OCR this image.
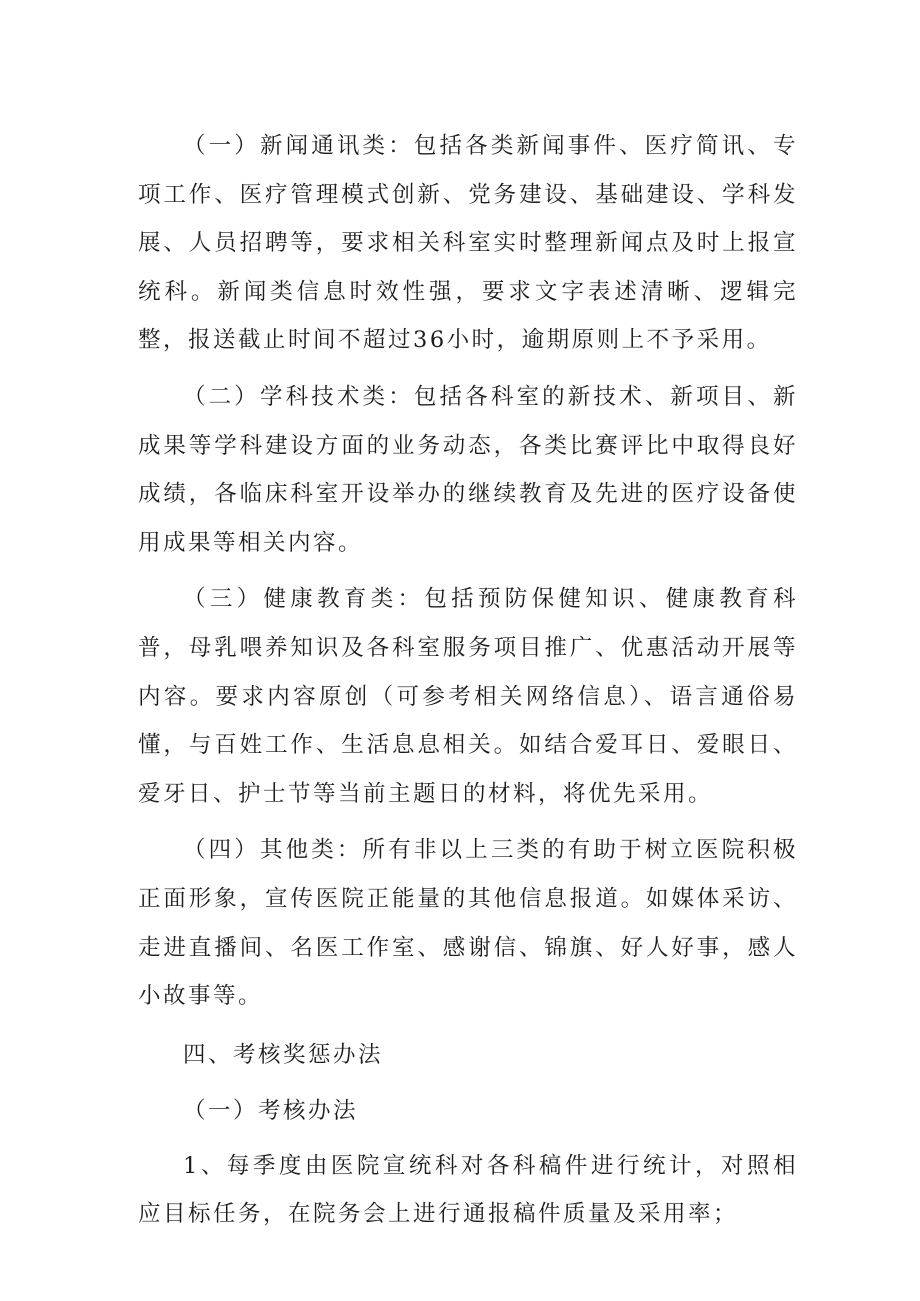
（一）新闻通讯类：包括各类新闻事件、医疗简讯、专项工作、医疗管理模式创新、党务建设、基础建设、学科发展、人员招聘等，要求相关科室实时整理新闻点及时上报宣统科。新闻类信息时效性强，要求文字表述清晰、逻辑完整，报送截止时间不超过36小时，逾期原则上不予采用。

（二）学科技术类：包括各科室的新技术、新项目、新成果等学科建设方面的业务动态，各类比赛评比中取得良好成绩，各临床科室开设举办的继续教育及先进的医疗设备使用成果等相关内容。

（三）健康教育类：包括预防保健知识、健康教育科普，母乳喂养知识及各科室服务项目推广、优惠活动开展等内容。要求内容原创（可参考相关网络信息）、语言通俗易懂，与百姓工作、生活息息相关。如结合爱耳日、爱眼日、爱牙日、护士节等当前主题日的材料，将优先采用。

（四）其他类：所有非以上三类的有助于树立医院积极正面形象，宣传医院正能量的其他信息报道。如媒体采访、走进直播间、名医工作室、感谢信、锦旗、好人好事，感人小故事等。

四、考核奖惩办法

（一）考核办法

1、每季度由医院宣统科对各科稿件进行统计，对照相应目标任务，在院务会上进行通报稿件质量及采用率；
